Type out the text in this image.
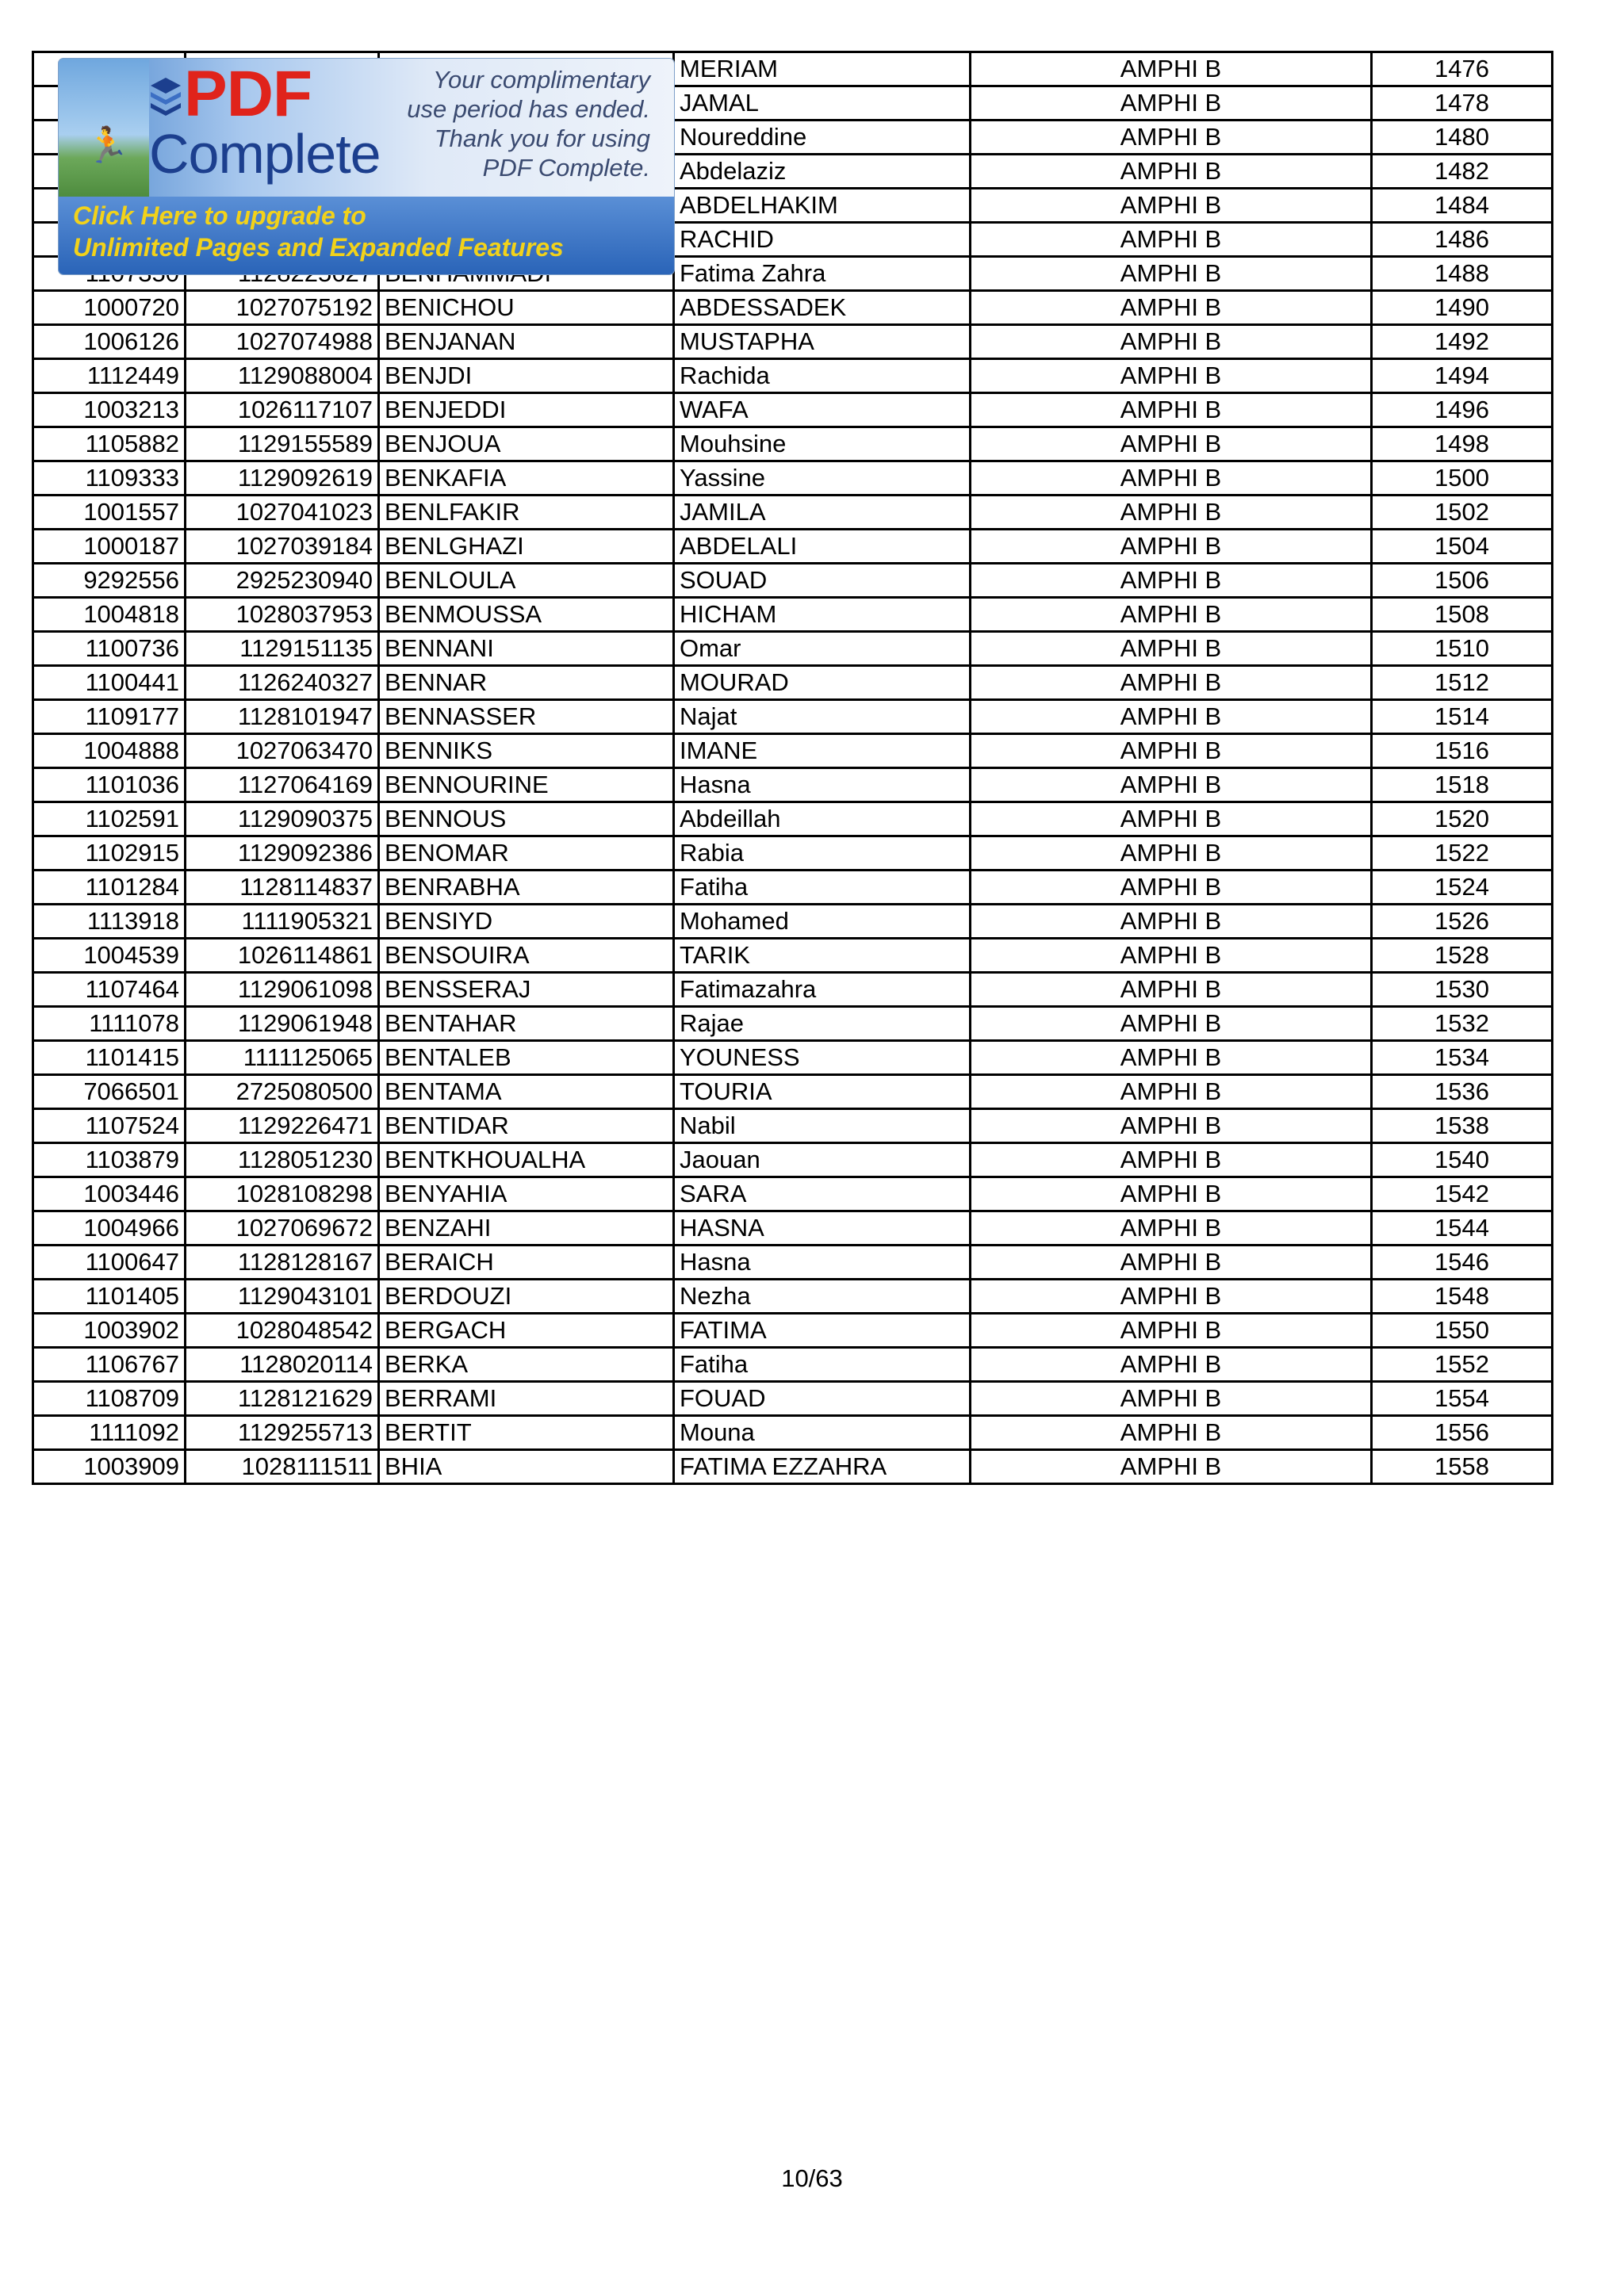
			MERIAM	AMPHI B	1476
			JAMAL	AMPHI B	1478
			Noureddine	AMPHI B	1480
			Abdelaziz	AMPHI B	1482
			ABDELHAKIM	AMPHI B	1484
			RACHID	AMPHI B	1486
			Fatima Zahra	AMPHI B	1488
1000720	1027075192	BENICHOU	ABDESSADEK	AMPHI B	1490
1006126	1027074988	BENJANAN	MUSTAPHA	AMPHI B	1492
1112449	1129088004	BENJDI	Rachida	AMPHI B	1494
1003213	1026117107	BENJEDDI	WAFA	AMPHI B	1496
1105882	1129155589	BENJOUA	Mouhsine	AMPHI B	1498
1109333	1129092619	BENKAFIA	Yassine	AMPHI B	1500
1001557	1027041023	BENLFAKIR	JAMILA	AMPHI B	1502
1000187	1027039184	BENLGHAZI	ABDELALI	AMPHI B	1504
9292556	2925230940	BENLOULA	SOUAD	AMPHI B	1506
1004818	1028037953	BENMOUSSA	HICHAM	AMPHI B	1508
1100736	1129151135	BENNANI	Omar	AMPHI B	1510
1100441	1126240327	BENNAR	MOURAD	AMPHI B	1512
1109177	1128101947	BENNASSER	Najat	AMPHI B	1514
1004888	1027063470	BENNIKS	IMANE	AMPHI B	1516
1101036	1127064169	BENNOURINE	Hasna	AMPHI B	1518
1102591	1129090375	BENNOUS	Abdeillah	AMPHI B	1520
1102915	1129092386	BENOMAR	Rabia	AMPHI B	1522
1101284	1128114837	BENRABHA	Fatiha	AMPHI B	1524
1113918	1111905321	BENSIYD	Mohamed	AMPHI B	1526
1004539	1026114861	BENSOUIRA	TARIK	AMPHI B	1528
1107464	1129061098	BENSSERAJ	Fatimazahra	AMPHI B	1530
1111078	1129061948	BENTAHAR	Rajae	AMPHI B	1532
1101415	1111125065	BENTALEB	YOUNESS	AMPHI B	1534
7066501	2725080500	BENTAMA	TOURIA	AMPHI B	1536
1107524	1129226471	BENTIDAR	Nabil	AMPHI B	1538
1103879	1128051230	BENTKHOUALHA	Jaouan	AMPHI B	1540
1003446	1028108298	BENYAHIA	SARA	AMPHI B	1542
1004966	1027069672	BENZAHI	HASNA	AMPHI B	1544
1100647	1128128167	BERAICH	Hasna	AMPHI B	1546
1101405	1129043101	BERDOUZI	Nezha	AMPHI B	1548
1003902	1028048542	BERGACH	FATIMA	AMPHI B	1550
1106767	1128020114	BERKA	Fatiha	AMPHI B	1552
1108709	1128121629	BERRAMI	FOUAD	AMPHI B	1554
1111092	1129255713	BERTIT	Mouna	AMPHI B	1556
1003909	1028111511	BHIA	FATIMA EZZAHRA	AMPHI B	1558
🏃
PDF
Complete
Your complimentary
use period has ended.
Thank you for using
PDF Complete.
Click Here to upgrade to
Unlimited Pages and Expanded Features
10/63
